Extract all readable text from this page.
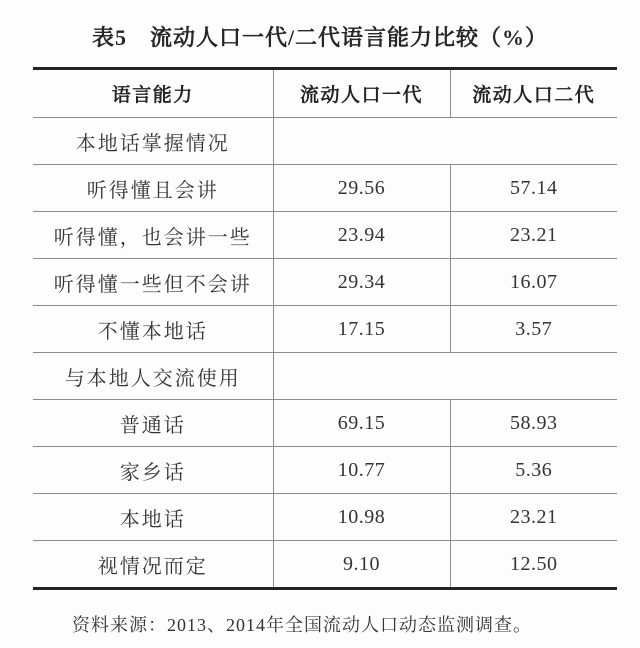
表5　流动人口一代/二代语言能力比较（%）
语言能力	流动人口一代	流动人口二代
本地话掌握情况		
听得懂且会讲	29.56	57.14
听得懂，也会讲一些	23.94	23.21
听得懂一些但不会讲	29.34	16.07
不懂本地话	17.15	3.57
与本地人交流使用		
普通话	69.15	58.93
家乡话	10.77	5.36
本地话	10.98	23.21
视情况而定	9.10	12.50
资料来源：2013、2014年全国流动人口动态监测调查。
